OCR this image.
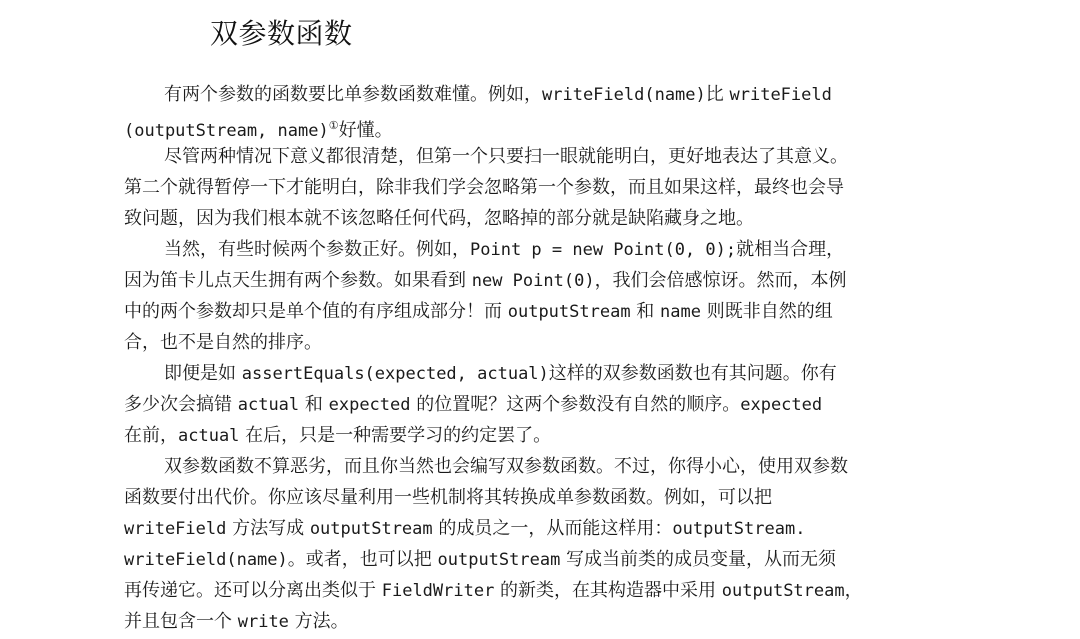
双参数函数
有两个参数的函数要比单参数函数难懂。例如，writeField(name)比 writeField
(outputStream, name)①好懂。
尽管两种情况下意义都很清楚，但第一个只要扫一眼就能明白，更好地表达了其意义。
第二个就得暂停一下才能明白，除非我们学会忽略第一个参数，而且如果这样，最终也会导
致问题，因为我们根本就不该忽略任何代码，忽略掉的部分就是缺陷藏身之地。
当然，有些时候两个参数正好。例如，Point p = new Point(0, 0);就相当合理，
因为笛卡儿点天生拥有两个参数。如果看到 new Point(0)，我们会倍感惊讶。然而，本例
中的两个参数却只是单个值的有序组成部分！而 outputStream 和 name 则既非自然的组
合，也不是自然的排序。
即便是如 assertEquals(expected, actual)这样的双参数函数也有其问题。你有
多少次会搞错 actual 和 expected 的位置呢？这两个参数没有自然的顺序。expected
在前，actual 在后，只是一种需要学习的约定罢了。
双参数函数不算恶劣，而且你当然也会编写双参数函数。不过，你得小心，使用双参数
函数要付出代价。你应该尽量利用一些机制将其转换成单参数函数。例如，可以把
writeField 方法写成 outputStream 的成员之一，从而能这样用：outputStream.
writeField(name)。或者，也可以把 outputStream 写成当前类的成员变量，从而无须
再传递它。还可以分离出类似于 FieldWriter 的新类，在其构造器中采用 outputStream，
并且包含一个 write 方法。
